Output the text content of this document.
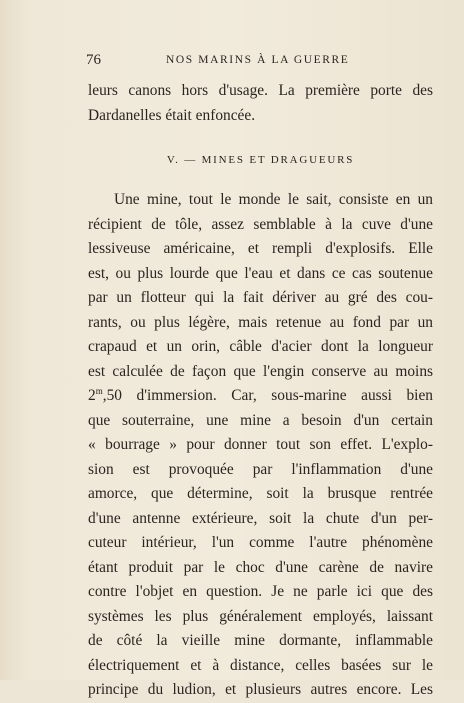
76	NOS MARINS À LA GUERRE

leurs canons hors d'usage. La première porte des

Dardanelles était enfoncée.

V. — MINES ET DRAGUEURS

Une mine, tout le monde le sait, consiste en un

récipient de tôle, assez semblable à la cuve d'une

lessiveuse américaine, et rempli d'explosifs. Elle

est, ou plus lourde que l'eau et dans ce cas soutenue

par un flotteur qui la fait dériver au gré des cou-

rants, ou plus légère, mais retenue au fond par un

crapaud et un orin, câble d'acier dont la longueur

est calculée de façon que l'engin conserve au moins

2$^m$,50 d'immersion. Car, sous-marine aussi bien

que souterraine, une mine a besoin d'un certain

« bourrage » pour donner tout son effet. L'explo-

sion est provoquée par l'inflammation d'une

amorce, que détermine, soit la brusque rentrée

d'une antenne extérieure, soit la chute d'un per-

cuteur intérieur, l'un comme l'autre phénomène

étant produit par le choc d'une carène de navire

contre l'objet en question. Je ne parle ici que des

systèmes les plus généralement employés, laissant

de côté la vieille mine dormante, inflammable

électriquement et à distance, celles basées sur le

principe du ludion, et plusieurs autres encore. Les
